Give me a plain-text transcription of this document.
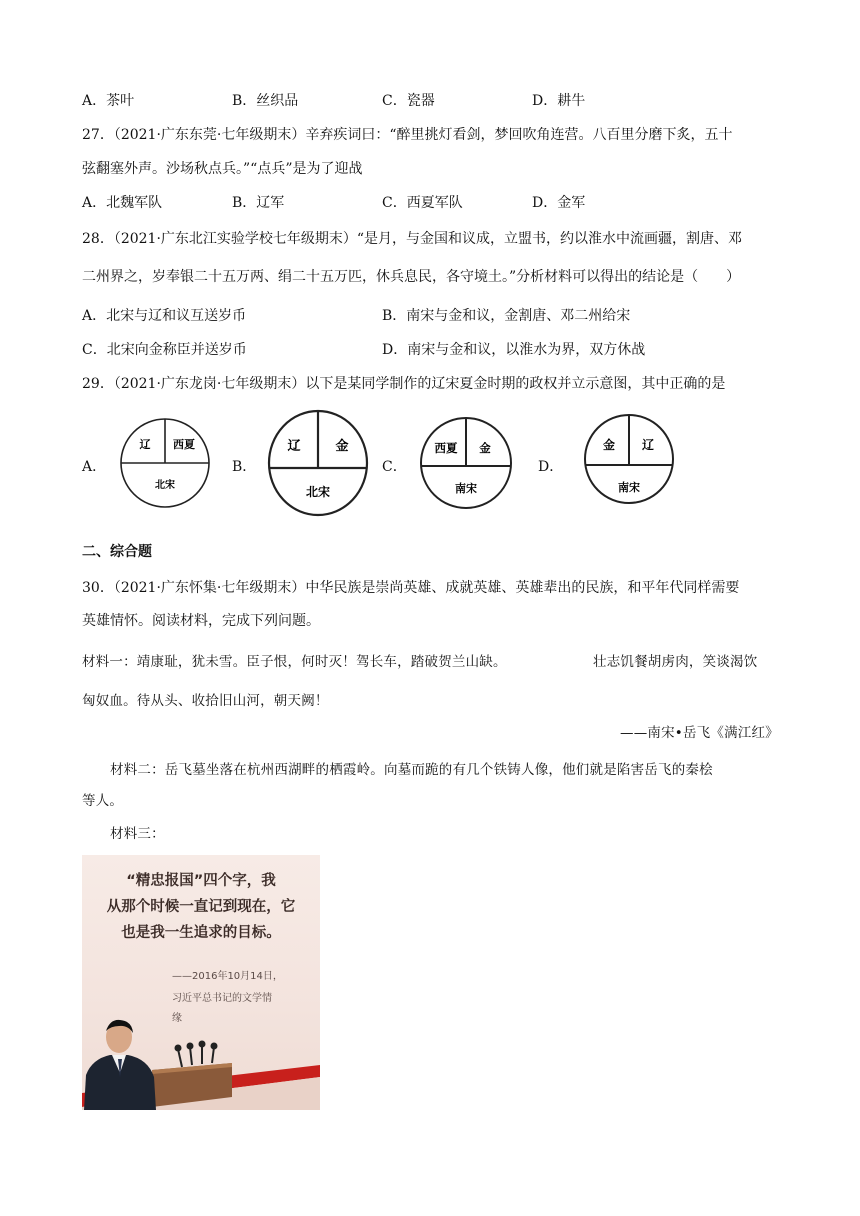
A．茶叶	B．丝织品	C．瓷器	D．耕牛
27．（2021·广东东莞·七年级期末）辛弃疾词曰：“醉里挑灯看剑，梦回吹角连营。八百里分磨下炙，五十
弦翻塞外声。沙场秋点兵。”“点兵”是为了迎战
A．北魏军队	B．辽军	C．西夏军队	D．金军
28．（2021·广东北江实验学校七年级期末）“是月，与金国和议成，立盟书，约以淮水中流画疆，割唐、邓
二州界之，岁奉银二十五万两、绢二十五万匹，休兵息民，各守境土。”分析材料可以得出的结论是（　　）
A．北宋与辽和议互送岁币	B．南宋与金和议，金割唐、邓二州给宋
C．北宋向金称臣并送岁币	D．南宋与金和议，以淮水为界，双方休战
29．（2021·广东龙岗·七年级期末）以下是某同学制作的辽宋夏金时期的政权并立示意图，其中正确的是
A．
辽 西夏
北宋
B．
辽	金
北宋
C．
西夏 金
南宋
D．
金 辽
南宋
二、综合题
30．（2021·广东怀集·七年级期末）中华民族是崇尚英雄、成就英雄、英雄辈出的民族，和平年代同样需要
英雄情怀。阅读材料，完成下列问题。
材料一：靖康耻，犹未雪。臣子恨，何时灭！驾长车，踏破贺兰山缺。	壮志饥餐胡虏肉，笑谈渴饮
匈奴血。待从头、收拾旧山河，朝天阙！
——南宋•岳飞《满江红》
材料二：岳飞墓坐落在杭州西湖畔的栖霞岭。向墓而跪的有几个铁铸人像，他们就是陷害岳飞的秦桧
等人。
材料三：
“精忠报国”四个字，我
从那个时候一直记到现在，它
也是我一生追求的目标。
——2016年10月14日，
习近平总书记的文学情
缘
